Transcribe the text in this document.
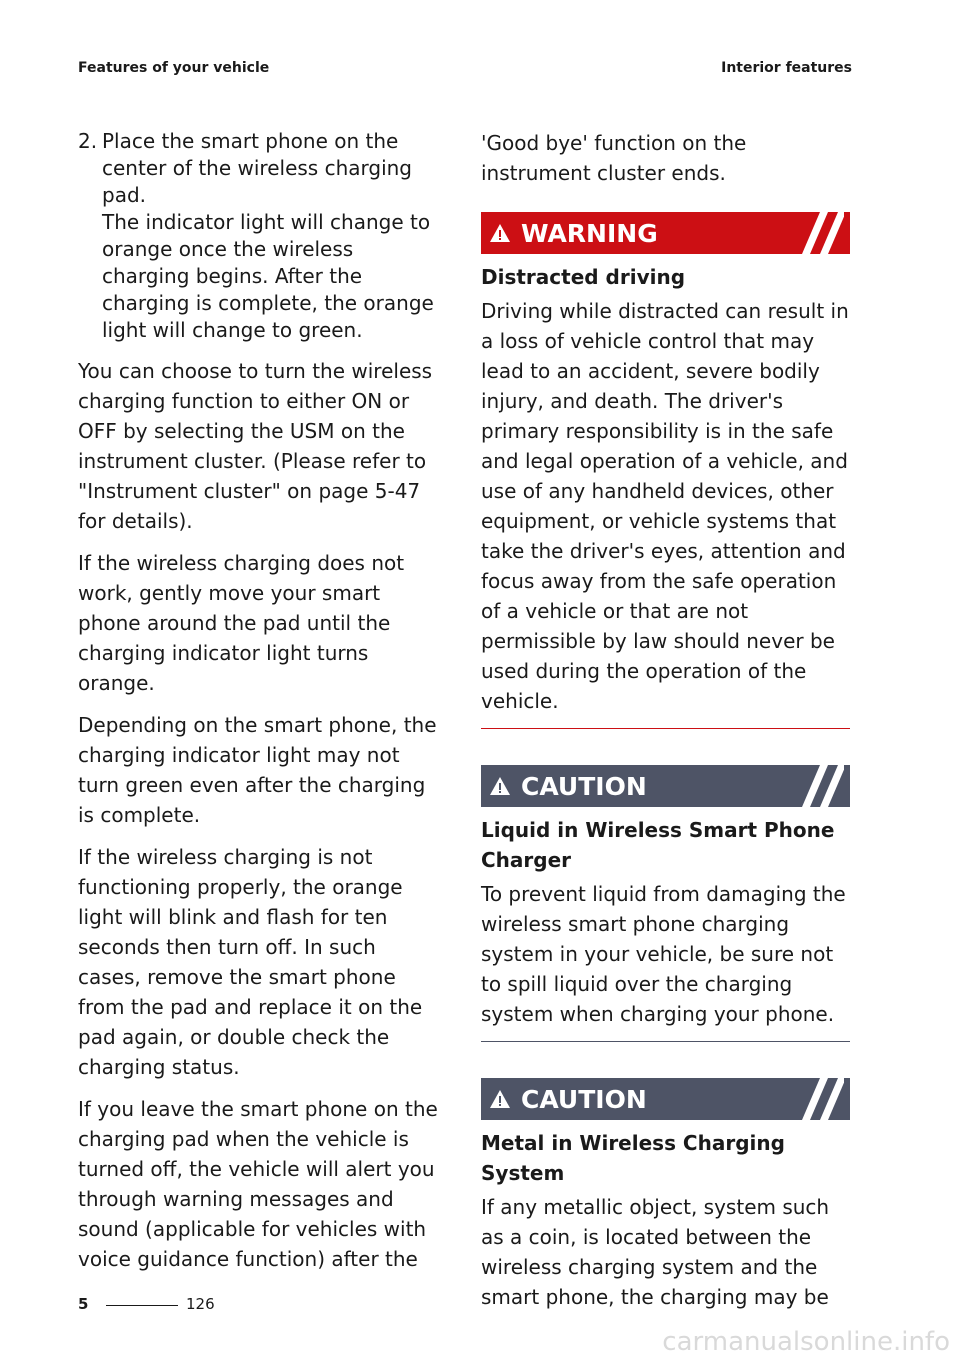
Features of your vehicle	Interior features
2. Place the smart phone on the center of the wireless charging pad.

The indicator light will change to orange once the wireless charging begins. After the charging is complete, the orange light will change to green.

You can choose to turn the wireless charging function to either ON or OFF by selecting the USM on the instrument cluster. (Please refer to "Instrument cluster" on page 5-47 for details).

If the wireless charging does not work, gently move your smart phone around the pad until the charging indicator light turns orange.

Depending on the smart phone, the charging indicator light may not turn green even after the charging is complete.

If the wireless charging is not functioning properly, the orange light will blink and flash for ten seconds then turn off. In such cases, remove the smart phone from the pad and replace it on the pad again, or double check the charging status.

If you leave the smart phone on the charging pad when the vehicle is turned off, the vehicle will alert you through warning messages and sound (applicable for vehicles with voice guidance function) after the

'Good bye' function on the instrument cluster ends.

WARNING
Distracted driving

Driving while distracted can result in a loss of vehicle control that may lead to an accident, severe bodily injury, and death. The driver's primary responsibility is in the safe and legal operation of a vehicle, and use of any handheld devices, other equipment, or vehicle systems that take the driver's eyes, attention and focus away from the safe operation of a vehicle or that are not permissible by law should never be used during the operation of the vehicle.

CAUTION
Liquid in Wireless Smart Phone Charger

To prevent liquid from damaging the wireless smart phone charging system in your vehicle, be sure not to spill liquid over the charging system when charging your phone.

CAUTION
Metal in Wireless Charging System

If any metallic object, system such as a coin, is located between the wireless charging system and the smart phone, the charging may be

5	126
carmanualsonline.info
